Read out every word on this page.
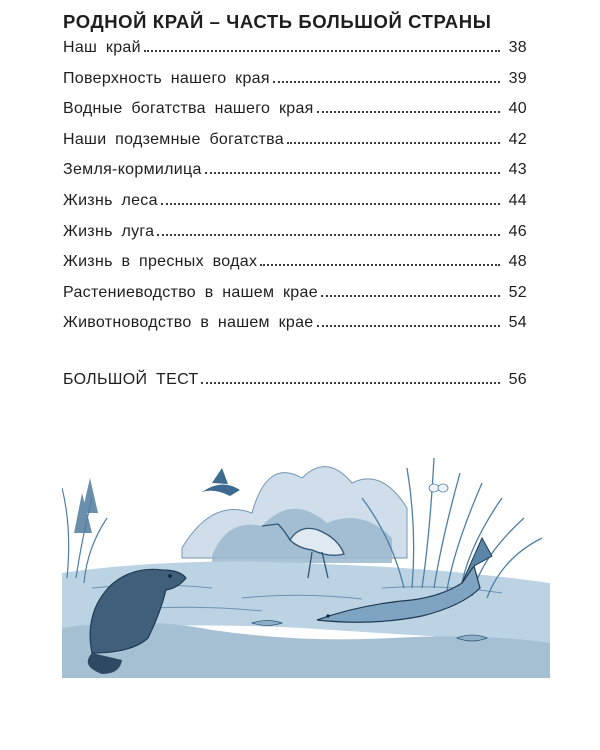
РОДНОЙ КРАЙ – ЧАСТЬ БОЛЬШОЙ СТРАНЫ
Наш край	38
Поверхность нашего края	39
Водные богатства нашего края	40
Наши подземные богатства	42
Земля-кормилица	43
Жизнь леса	44
Жизнь луга	46
Жизнь в пресных водах	48
Растениеводство в нашем крае	52
Животноводство в нашем крае	54
БОЛЬШОЙ ТЕСТ	56
